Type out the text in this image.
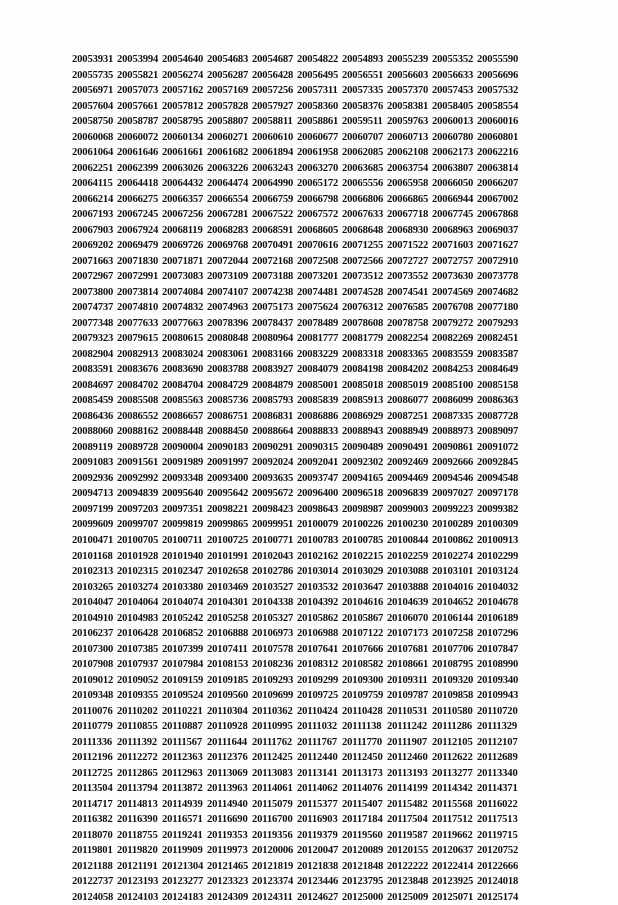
20053931 20053994 20054640 20054683 20054687 20054822 20054893 20055239 20055352 20055590
20055735 20055821 20056274 20056287 20056428 20056495 20056551 20056603 20056633 20056696
20056971 20057073 20057162 20057169 20057256 20057311 20057335 20057370 20057453 20057532
20057604 20057661 20057812 20057828 20057927 20058360 20058376 20058381 20058405 20058554
20058750 20058787 20058795 20058807 20058811 20058861 20059511 20059763 20060013 20060016
20060068 20060072 20060134 20060271 20060610 20060677 20060707 20060713 20060780 20060801
20061064 20061646 20061661 20061682 20061894 20061958 20062085 20062108 20062173 20062216
20062251 20062399 20063026 20063226 20063243 20063270 20063685 20063754 20063807 20063814
20064115 20064418 20064432 20064474 20064990 20065172 20065556 20065958 20066050 20066207
20066214 20066275 20066357 20066554 20066759 20066798 20066806 20066865 20066944 20067002
20067193 20067245 20067256 20067281 20067522 20067572 20067633 20067718 20067745 20067868
20067903 20067924 20068119 20068283 20068591 20068605 20068648 20068930 20068963 20069037
20069202 20069479 20069726 20069768 20070491 20070616 20071255 20071522 20071603 20071627
20071663 20071830 20071871 20072044 20072168 20072508 20072566 20072727 20072757 20072910
20072967 20072991 20073083 20073109 20073188 20073201 20073512 20073552 20073630 20073778
20073800 20073814 20074084 20074107 20074238 20074481 20074528 20074541 20074569 20074682
20074737 20074810 20074832 20074963 20075173 20075624 20076312 20076585 20076708 20077180
20077348 20077633 20077663 20078396 20078437 20078489 20078608 20078758 20079272 20079293
20079323 20079615 20080615 20080848 20080964 20081777 20081779 20082254 20082269 20082451
20082904 20082913 20083024 20083061 20083166 20083229 20083318 20083365 20083559 20083587
20083591 20083676 20083690 20083788 20083927 20084079 20084198 20084202 20084253 20084649
20084697 20084702 20084704 20084729 20084879 20085001 20085018 20085019 20085100 20085158
20085459 20085508 20085563 20085736 20085793 20085839 20085913 20086077 20086099 20086363
20086436 20086552 20086657 20086751 20086831 20086886 20086929 20087251 20087335 20087728
20088060 20088162 20088448 20088450 20088664 20088833 20088943 20088949 20088973 20089097
20089119 20089728 20090004 20090183 20090291 20090315 20090489 20090491 20090861 20091072
20091083 20091561 20091989 20091997 20092024 20092041 20092302 20092469 20092666 20092845
20092936 20092992 20093348 20093400 20093635 20093747 20094165 20094469 20094546 20094548
20094713 20094839 20095640 20095642 20095672 20096400 20096518 20096839 20097027 20097178
20097199 20097203 20097351 20098221 20098423 20098643 20098987 20099003 20099223 20099382
20099609 20099707 20099819 20099865 20099951 20100079 20100226 20100230 20100289 20100309
20100471 20100705 20100711 20100725 20100771 20100783 20100785 20100844 20100862 20100913
20101168 20101928 20101940 20101991 20102043 20102162 20102215 20102259 20102274 20102299
20102313 20102315 20102347 20102658 20102786 20103014 20103029 20103088 20103101 20103124
20103265 20103274 20103380 20103469 20103527 20103532 20103647 20103888 20104016 20104032
20104047 20104064 20104074 20104301 20104338 20104392 20104616 20104639 20104652 20104678
20104910 20104983 20105242 20105258 20105327 20105862 20105867 20106070 20106144 20106189
20106237 20106428 20106852 20106888 20106973 20106988 20107122 20107173 20107258 20107296
20107300 20107385 20107399 20107411 20107578 20107641 20107666 20107681 20107706 20107847
20107908 20107937 20107984 20108153 20108236 20108312 20108582 20108661 20108795 20108990
20109012 20109052 20109159 20109185 20109293 20109299 20109300 20109311 20109320 20109340
20109348 20109355 20109524 20109560 20109699 20109725 20109759 20109787 20109858 20109943
20110076 20110202 20110221 20110304 20110362 20110424 20110428 20110531 20110580 20110720
20110779 20110855 20110887 20110928 20110995 20111032 20111138 20111242 20111286 20111329
20111336 20111392 20111567 20111644 20111762 20111767 20111770 20111907 20112105 20112107
20112196 20112272 20112363 20112376 20112425 20112440 20112450 20112460 20112622 20112689
20112725 20112865 20112963 20113069 20113083 20113141 20113173 20113193 20113277 20113340
20113504 20113794 20113872 20113963 20114061 20114062 20114076 20114199 20114342 20114371
20114717 20114813 20114939 20114940 20115079 20115377 20115407 20115482 20115568 20116022
20116382 20116390 20116571 20116690 20116700 20116903 20117184 20117504 20117512 20117513
20118070 20118755 20119241 20119353 20119356 20119379 20119560 20119587 20119662 20119715
20119801 20119820 20119909 20119973 20120006 20120047 20120089 20120155 20120637 20120752
20121188 20121191 20121304 20121465 20121819 20121838 20121848 20122222 20122414 20122666
20122737 20123193 20123277 20123323 20123374 20123446 20123795 20123848 20123925 20124018
20124058 20124103 20124183 20124309 20124311 20124627 20125000 20125009 20125071 20125174
